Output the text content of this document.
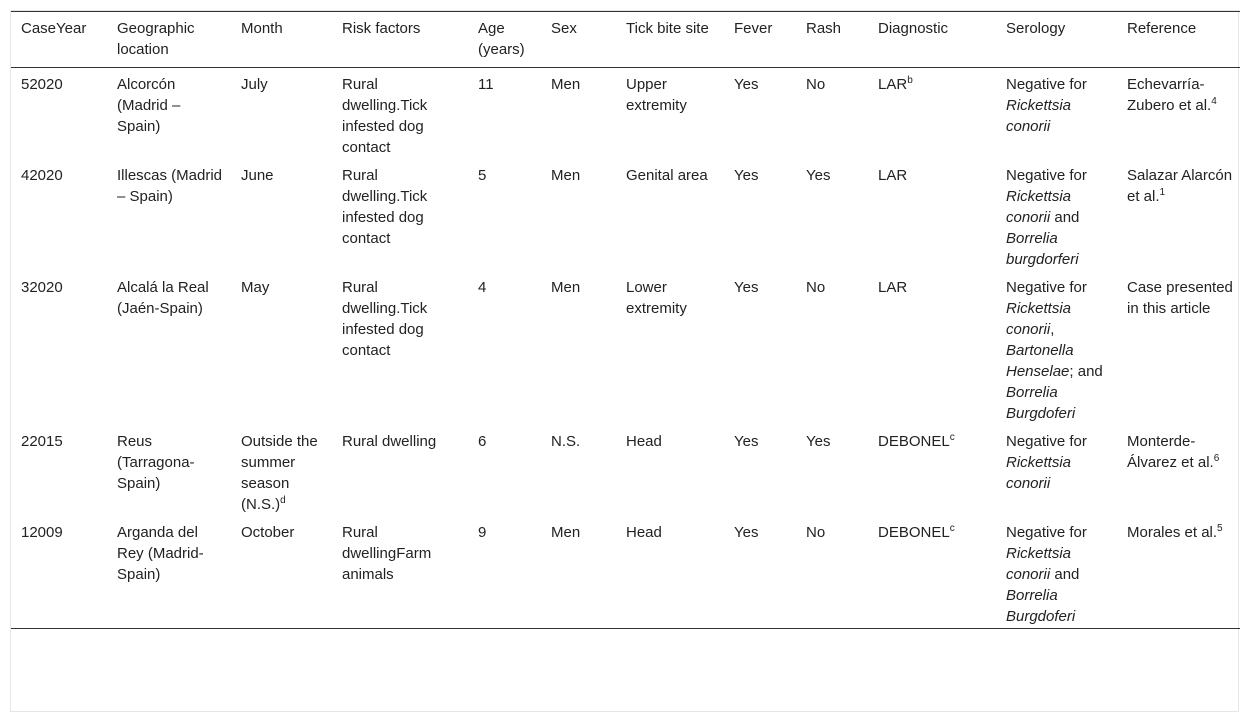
CaseYear	Geographic location	Month	Risk factors	Age (years)	Sex	Tick bite site	Fever	Rash	Diagnostic	Serology	Reference
52020	Alcorcón (Madrid – Spain)	July	Rural dwelling.Tick infested dog contact	11	Men	Upper extremity	Yes	No	LAR$^b$	Negative for Rickettsia conorii	Echevarría-Zubero et al.$^4$
42020	Illescas (Madrid – Spain)	June	Rural dwelling.Tick infested dog contact	5	Men	Genital area	Yes	Yes	LAR	Negative for Rickettsia conorii and Borrelia burgdorferi	Salazar Alarcón et al.$^1$
32020	Alcalá la Real (Jaén-Spain)	May	Rural dwelling.Tick infested dog contact	4	Men	Lower extremity	Yes	No	LAR	Negative for Rickettsia conorii, Bartonella Henselae; and Borrelia Burgdoferi	Case presented in this article
22015	Reus (Tarragona-Spain)	Outside the summer season $(N.S.)^d$	Rural dwelling	6	N.S.	Head	Yes	Yes	DEBONEL$^c$	Negative for Rickettsia conorii	Monterde-Álvarez et al.$^6$
12009	Arganda del Rey (Madrid-Spain)	October	Rural dwellingFarm animals	9	Men	Head	Yes	No	DEBONEL$^c$	Negative for Rickettsia conorii and Borrelia Burgdoferi	Morales et al.$^5$
